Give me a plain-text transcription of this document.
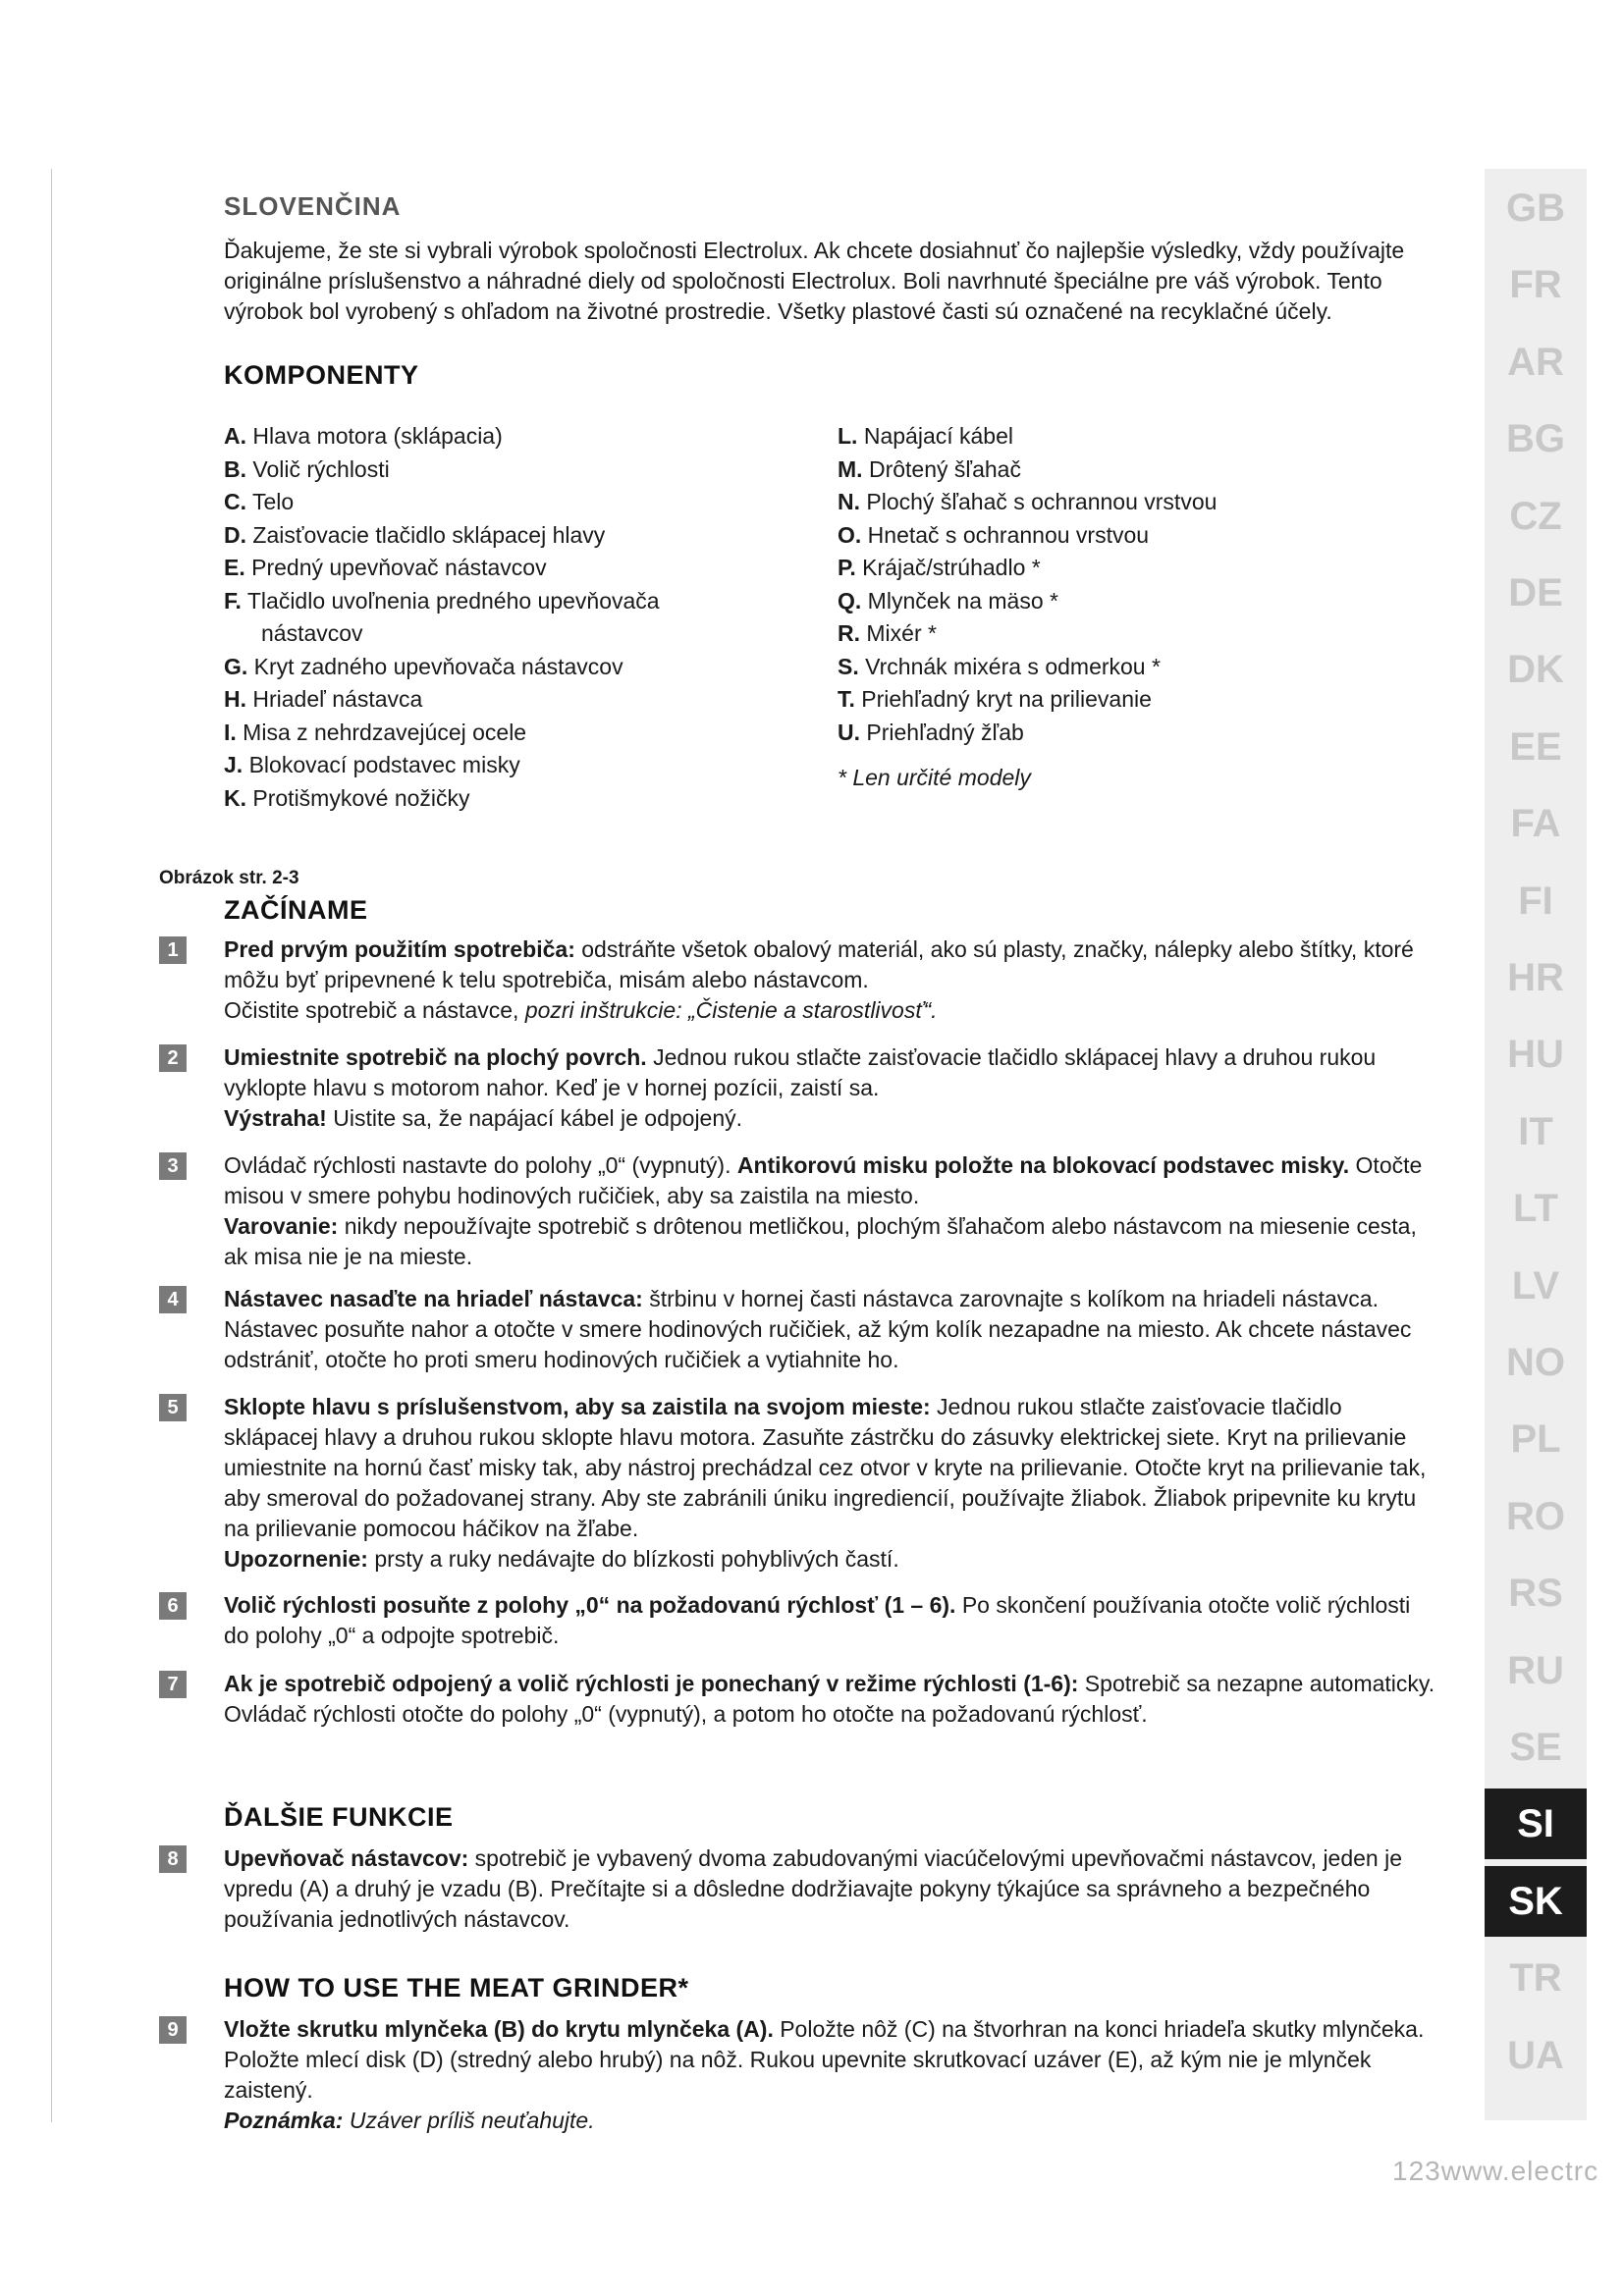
SLOVENČINA

Ďakujeme, že ste si vybrali výrobok spoločnosti Electrolux. Ak chcete dosiahnuť čo najlepšie výsledky, vždy používajte originálne príslušenstvo a náhradné diely od spoločnosti Electrolux. Boli navrhnuté špeciálne pre váš výrobok. Tento výrobok bol vyrobený s ohľadom na životné prostredie. Všetky plastové časti sú označené na recyklačné účely.

KOMPONENTY
A. Hlava motora (sklápacia)
B. Volič rýchlosti
C. Telo
D. Zaisťovacie tlačidlo sklápacej hlavy
E. Predný upevňovač nástavcov
F. Tlačidlo uvoľnenia predného upevňovača
nástavcov
G. Kryt zadného upevňovača nástavcov
H. Hriadeľ nástavca
I. Misa z nehrdzavejúcej ocele
J. Blokovací podstavec misky
K. Protišmykové nožičky
L. Napájací kábel
M. Drôtený šľahač
N. Plochý šľahač s ochrannou vrstvou
O. Hnetač s ochrannou vrstvou
P. Krájač/strúhadlo *
Q. Mlynček na mäso *
R. Mixér *
S. Vrchnák mixéra s odmerkou *
T. Priehľadný kryt na prilievanie
U. Priehľadný žľab
* Len určité modely
Obrázok str. 2-3
ZAČÍNAME
1	Pred prvým použitím spotrebiča: odstráňte všetok obalový materiál, ako sú plasty, značky, nálepky alebo štítky, ktoré môžu byť pripevnené k telu spotrebiča, misám alebo nástavcom.
Očistite spotrebič a nástavce, pozri inštrukcie: „Čistenie a starostlivosť“.
2	Umiestnite spotrebič na plochý povrch. Jednou rukou stlačte zaisťovacie tlačidlo sklápacej hlavy a druhou rukou vyklopte hlavu s motorom nahor. Keď je v hornej pozícii, zaistí sa.
Výstraha! Uistite sa, že napájací kábel je odpojený.
3	Ovládač rýchlosti nastavte do polohy „0“ (vypnutý). Antikorovú misku položte na blokovací podstavec misky. Otočte misou v smere pohybu hodinových ručičiek, aby sa zaistila na miesto.
Varovanie: nikdy nepoužívajte spotrebič s drôtenou metličkou, plochým šľahačom alebo nástavcom na miesenie cesta, ak misa nie je na mieste.
4	Nástavec nasaďte na hriadeľ nástavca: štrbinu v hornej časti nástavca zarovnajte s kolíkom na hriadeli nástavca. Nástavec posuňte nahor a otočte v smere hodinových ručičiek, až kým kolík nezapadne na miesto. Ak chcete nástavec odstrániť, otočte ho proti smeru hodinových ručičiek a vytiahnite ho.
5	Sklopte hlavu s príslušenstvom, aby sa zaistila na svojom mieste: Jednou rukou stlačte zaisťovacie tlačidlo sklápacej hlavy a druhou rukou sklopte hlavu motora. Zasuňte zástrčku do zásuvky elektrickej siete. Kryt na prilievanie umiestnite na hornú časť misky tak, aby nástroj prechádzal cez otvor v kryte na prilievanie. Otočte kryt na prilievanie tak, aby smeroval do požadovanej strany. Aby ste zabránili úniku ingrediencií, používajte žliabok. Žliabok pripevnite ku krytu na prilievanie pomocou háčikov na žľabe.
Upozornenie: prsty a ruky nedávajte do blízkosti pohyblivých častí.
6	Volič rýchlosti posuňte z polohy „0“ na požadovanú rýchlosť (1 – 6). Po skončení používania otočte volič rýchlosti do polohy „0“ a odpojte spotrebič.
7	Ak je spotrebič odpojený a volič rýchlosti je ponechaný v režime rýchlosti (1-6): Spotrebič sa nezapne automaticky. Ovládač rýchlosti otočte do polohy „0“ (vypnutý), a potom ho otočte na požadovanú rýchlosť.
8	Upevňovač nástavcov: spotrebič je vybavený dvoma zabudovanými viacúčelovými upevňovačmi nástavcov, jeden je vpredu (A) a druhý je vzadu (B). Prečítajte si a dôsledne dodržiavajte pokyny týkajúce sa správneho a bezpečného používania jednotlivých nástavcov.
9	Vložte skrutku mlynčeka (B) do krytu mlynčeka (A). Položte nôž (C) na štvorhran na konci hriadeľa skutky mlynčeka. Položte mlecí disk (D) (stredný alebo hrubý) na nôž. Rukou upevnite skrutkovací uzáver (E), až kým nie je mlynček zaistený.
Poznámka: Uzáver príliš neuťahujte.
ĎALŠIE FUNKCIE
HOW TO USE THE MEAT GRINDER*
GB
FR
AR
BG
CZ
DE
DK
EE
FA
FI
HR
HU
IT
LT
LV
NO
PL
RO
RS
RU
SE
SI
SK
TR
UA
123www.electrc
